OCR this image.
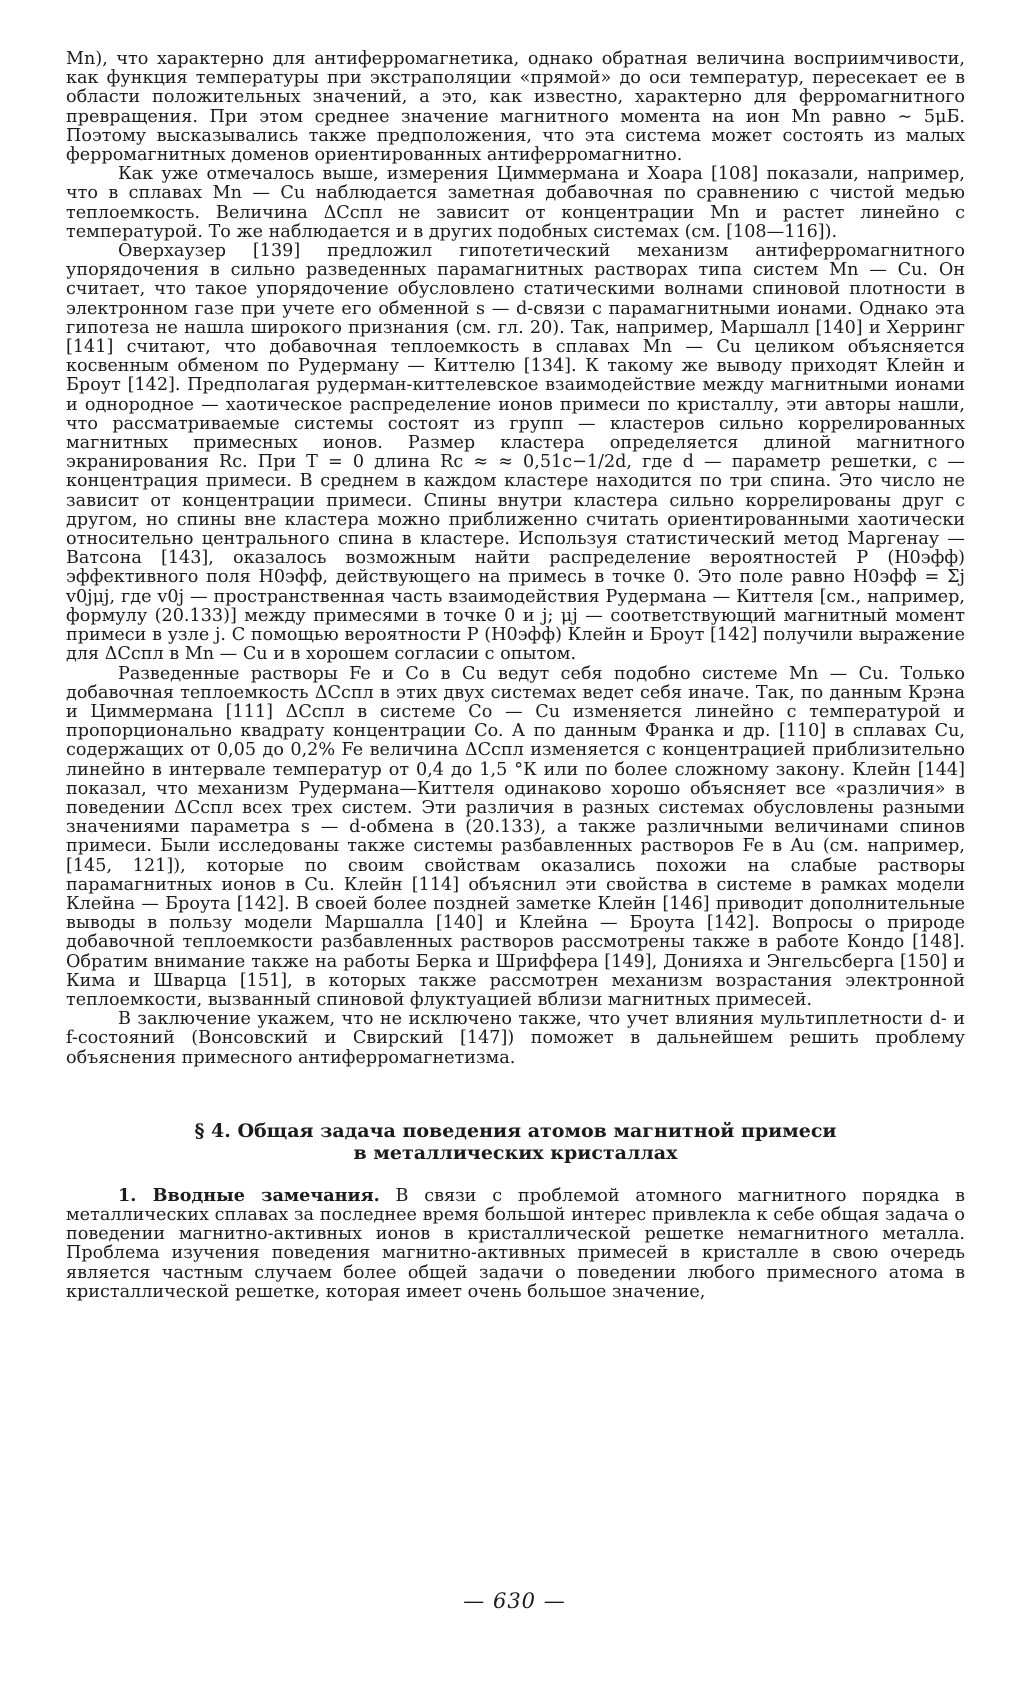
Mn), что характерно для антиферромагнетика, однако обратная величина восприимчивости, как функция температуры при экстраполяции «прямой» до оси температур, пересекает ее в области положительных значений, а это, как известно, характерно для ферромагнитного превращения. При этом среднее значение магнитного момента на ион Mn равно ∼ 5μБ. Поэтому высказывались также предположения, что эта система может состоять из малых ферромагнитных доменов ориентированных антиферромагнитно.

Как уже отмечалось выше, измерения Циммермана и Хоара [108] показали, например, что в сплавах Mn — Cu наблюдается заметная добавочная по сравнению с чистой медью теплоемкость. Величина ΔCспл не зависит от концентрации Mn и растет линейно с температурой. То же наблюдается и в других подобных системах (см. [108—116]).

Оверхаузер [139] предложил гипотетический механизм антиферромагнитного упорядочения в сильно разведенных парамагнитных растворах типа систем Mn — Cu. Он считает, что такое упорядочение обусловлено статическими волнами спиновой плотности в электронном газе при учете его обменной s — d-связи с парамагнитными ионами. Однако эта гипотеза не нашла широкого признания (см. гл. 20). Так, например, Маршалл [140] и Херринг [141] считают, что добавочная теплоемкость в сплавах Mn — Cu целиком объясняется косвенным обменом по Рудерману — Киттелю [134]. К такому же выводу приходят Клейн и Броут [142]. Предполагая рудерман-киттелевское взаимодействие между магнитными ионами и однородное — хаотическое распределение ионов примеси по кристаллу, эти авторы нашли, что рассматриваемые системы состоят из групп — кластеров сильно коррелированных магнитных примесных ионов. Размер кластера определяется длиной магнитного экранирования Rc. При T = 0 длина Rc ≈ ≈ 0,51c−1/2d, где d — параметр решетки, c — концентрация примеси. В среднем в каждом кластере находится по три спина. Это число не зависит от концентрации примеси. Спины внутри кластера сильно коррелированы друг с другом, но спины вне кластера можно приближенно считать ориентированными хаотически относительно центрального спина в кластере. Используя статистический метод Маргенау — Ватсона [143], оказалось возможным найти распределение вероятностей P (H0эфф) эффективного поля H0эфф, действующего на примесь в точке 0. Это поле равно H0эфф = Σj v0jμj, где v0j — пространственная часть взаимодействия Рудермана — Киттеля [см., например, формулу (20.133)] между примесями в точке 0 и j; μj — соответствующий магнитный момент примеси в узле j. С помощью вероятности P (H0эфф) Клейн и Броут [142] получили выражение для ΔCспл в Mn — Cu и в хорошем согласии с опытом.

Разведенные растворы Fe и Co в Cu ведут себя подобно системе Mn — Cu. Только добавочная теплоемкость ΔCспл в этих двух системах ведет себя иначе. Так, по данным Крэна и Циммермана [111] ΔCспл в системе Co — Cu изменяется линейно с температурой и пропорционально квадрату концентрации Co. А по данным Франка и др. [110] в сплавах Cu, содержащих от 0,05 до 0,2% Fe величина ΔCспл изменяется с концентрацией приблизительно линейно в интервале температур от 0,4 до 1,5 °К или по более сложному закону. Клейн [144] показал, что механизм Рудермана—Киттеля одинаково хорошо объясняет все «различия» в поведении ΔCспл всех трех систем. Эти различия в разных системах обусловлены разными значениями параметра s — d-обмена в (20.133), а также различными величинами спинов примеси. Были исследованы также системы разбавленных растворов Fe в Au (см. например, [145, 121]), которые по своим свойствам оказались похожи на слабые растворы парамагнитных ионов в Cu. Клейн [114] объяснил эти свойства в системе в рамках модели Клейна — Броута [142]. В своей более поздней заметке Клейн [146] приводит дополнительные выводы в пользу модели Маршалла [140] и Клейна — Броута [142]. Вопросы о природе добавочной теплоемкости разбавленных растворов рассмотрены также в работе Кондо [148]. Обратим внимание также на работы Берка и Шриффера [149], Донияха и Энгельсберга [150] и Кима и Шварца [151], в которых также рассмотрен механизм возрастания электронной теплоемкости, вызванный спиновой флуктуацией вблизи магнитных примесей.

В заключение укажем, что не исключено также, что учет влияния мультиплетности d- и f-состояний (Вонсовский и Свирский [147]) поможет в дальнейшем решить проблему объяснения примесного антиферромагнетизма.

§ 4. Общая задача поведения атомов магнитной примеси
в металлических кристаллах

1. Вводные замечания. В связи с проблемой атомного магнитного порядка в металлических сплавах за последнее время большой интерес привлекла к себе общая задача о поведении магнитно-активных ионов в кристаллической решетке немагнитного металла. Проблема изучения поведения магнитно-активных примесей в кристалле в свою очередь является частным случаем более общей задачи о поведении любого примесного атома в кристаллической решетке, которая имеет очень большое значение,

— 630 —
